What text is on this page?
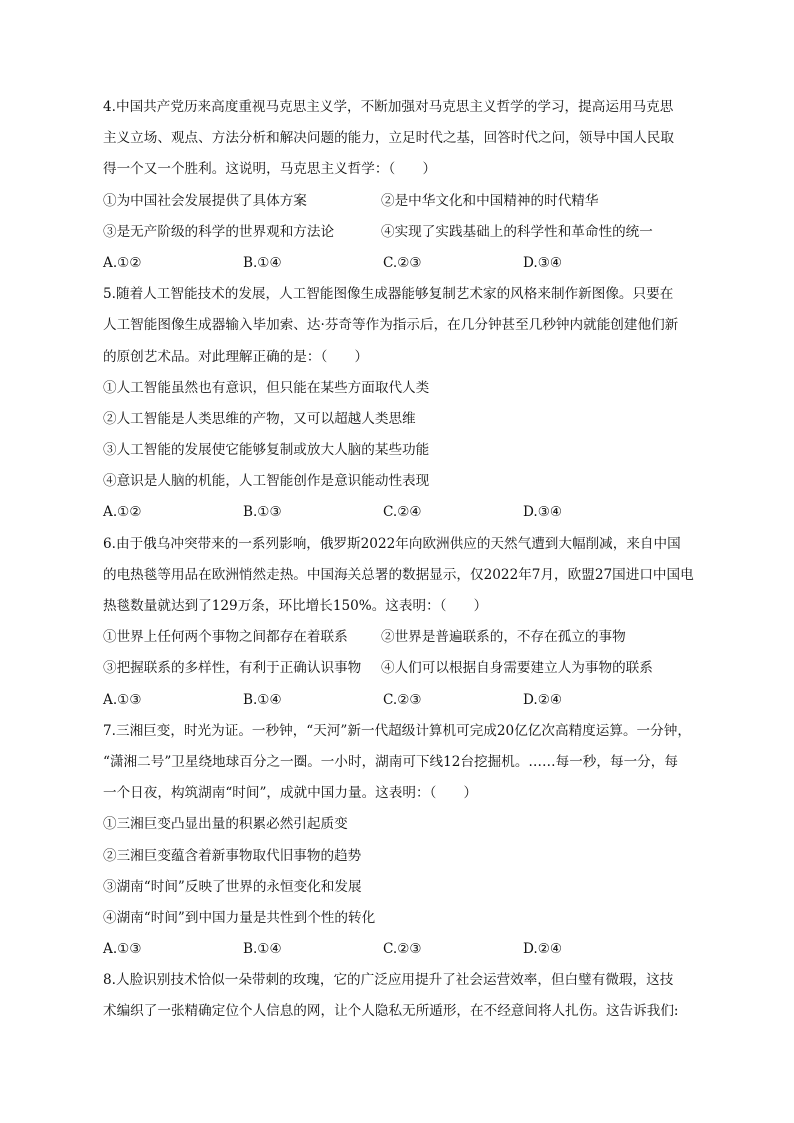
4.中国共产党历来高度重视马克思主义学，不断加强对马克思主义哲学的学习，提高运用马克思
主义立场、观点、方法分析和解决问题的能力，立足时代之基，回答时代之问，领导中国人民取
得一个又一个胜利。这说明，马克思主义哲学：（　　）
①为中国社会发展提供了具体方案	②是中华文化和中国精神的时代精华
③是无产阶级的科学的世界观和方法论	④实现了实践基础上的科学性和革命性的统一
A.①②	B.①④	C.②③	D.③④
5.随着人工智能技术的发展，人工智能图像生成器能够复制艺术家的风格来制作新图像。只要在
人工智能图像生成器输入毕加索、达·芬奇等作为指示后，在几分钟甚至几秒钟内就能创建他们新
的原创艺术品。对此理解正确的是：（　　）
①人工智能虽然也有意识，但只能在某些方面取代人类
②人工智能是人类思维的产物，又可以超越人类思维
③人工智能的发展使它能够复制或放大人脑的某些功能
④意识是人脑的机能，人工智能创作是意识能动性表现
A.①②	B.①③	C.②④	D.③④
6.由于俄乌冲突带来的一系列影响，俄罗斯2022年向欧洲供应的天然气遭到大幅削减，来自中国
的电热毯等用品在欧洲悄然走热。中国海关总署的数据显示，仅2022年7月，欧盟27国进口中国电
热毯数量就达到了129万条，环比增长150%。这表明：（　　）
①世界上任何两个事物之间都存在着联系	②世界是普遍联系的，不存在孤立的事物
③把握联系的多样性，有利于正确认识事物	④人们可以根据自身需要建立人为事物的联系
A.①③	B.①④	C.②③	D.②④
7.三湘巨变，时光为证。一秒钟，“天河”新一代超级计算机可完成20亿亿次高精度运算。一分钟，
“潇湘二号”卫星绕地球百分之一圈。一小时，湖南可下线12台挖掘机。……每一秒，每一分，每
一个日夜，构筑湖南“时间”，成就中国力量。这表明：（　　）
①三湘巨变凸显出量的积累必然引起质变
②三湘巨变蕴含着新事物取代旧事物的趋势
③湖南“时间”反映了世界的永恒变化和发展
④湖南“时间”到中国力量是共性到个性的转化
A.①③	B.①④	C.②③	D.②④
8.人脸识别技术恰似一朵带刺的玫瑰，它的广泛应用提升了社会运营效率，但白璧有微瑕，这技
术编织了一张精确定位个人信息的网，让个人隐私无所遁形，在不经意间将人扎伤。这告诉我们:
